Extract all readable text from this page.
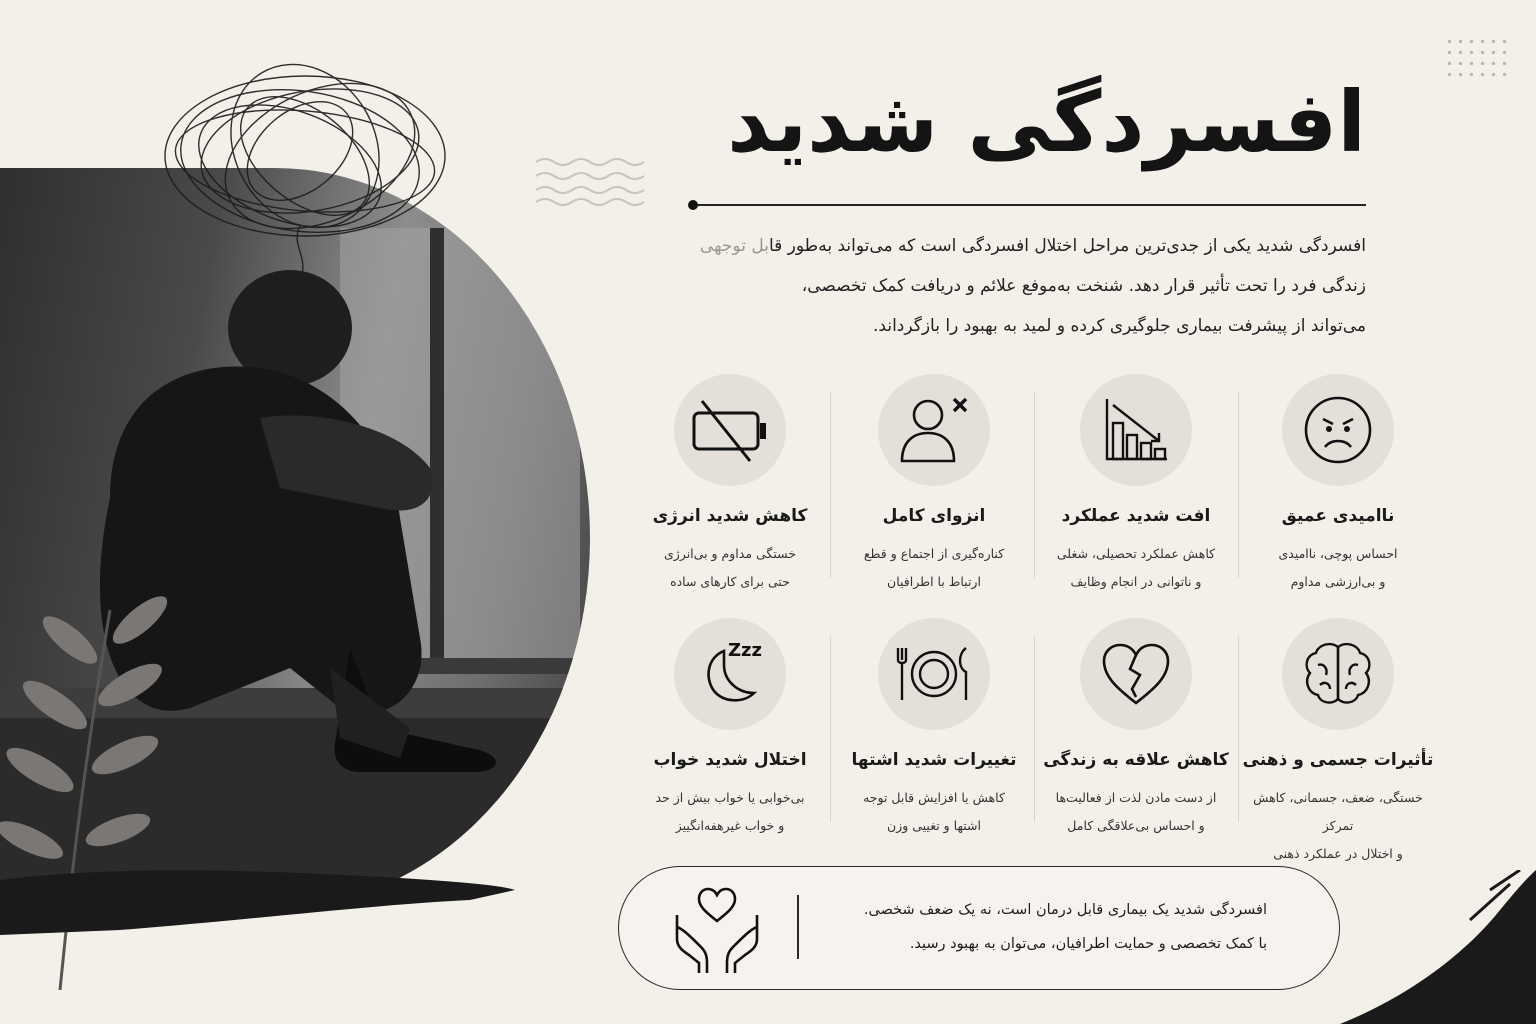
افسردگی شدید
افسردگی شدید یکی از جدی‌ترین مراحل اختلال افسردگی است که می‌تواند به‌طور قابل توجهی
زندگی فرد را تحت تأثیر قرار دهد. شنخت به‌موفع علائم و دریافت کمک تخصصی،
می‌تواند از پیشرفت بیماری جلوگیری کرده و لمید به بهبود را بازگرداند.
ناامیدی عمیق
احساس پوچی، ناامیدی
و بی‌ارزشی مداوم
افت شدید عملکرد
کاهش عملکرد تحصیلی، شغلی
و ناتوانی در انجام وظایف
انزوای کامل
کناره‌گیری از اجتماع و قطع
ارتباط با اطرافیان
کاهش شدید انرژی
خستگی مداوم و بی‌انرژی
حتی برای کارهای ساده
تأثیرات جسمی و ذهنی
خستگی، ضعف، جسمانی، کاهش تمرکز
و اختلال در عملکرد ذهنی
کاهش علاقه به زندگی
از دست مادن لذت از فعالیت‌ها
و احساس بی‌علاقگی کامل
تغییرات شدید اشتها
کاهش یا افزایش قابل توجه
اشتها و تغییی وزن
Zzz
اختلال شدید خواب
بی‌خوابی یا خواب بیش از حد
و خواب غیرهفه‌انگییز
افسردگی شدید یک بیماری قابل درمان است، نه یک ضعف شخصی.
با کمک تخصصی و حمایت اطرافیان، می‌توان به بهبود رسید.
